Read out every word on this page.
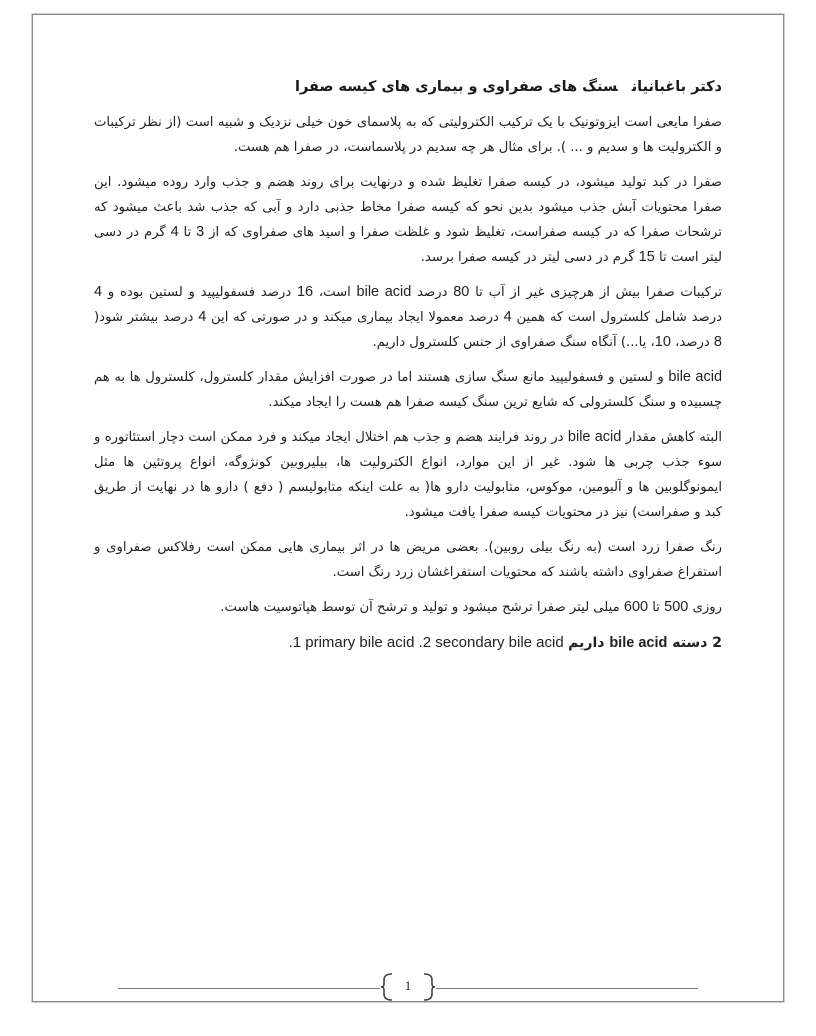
دکتر باغبانیانسنگ های صفراوی و بیماری های کیسه صفرا

صفرا مایعی است ایزوتونیک با یک ترکیب الکترولیتی که به پلاسمای خون خیلی نزدیک و شبیه است (از نظر ترکیبات و الکترولیت ها و سدیم و ... ). برای مثال هر چه سدیم در پلاسماست، در صفرا هم هست.

صفرا در کبد تولید میشود، در کیسه صفرا تغلیظ شده و درنهایت برای روند هضم و جذب وارد روده میشود. این صفرا محتویات آبش جذب میشود بدین نحو که کیسه صفرا مخاط جذبی دارد و آبی که جذب شد باعث میشود که ترشحات صفرا که در کیسه صفراست، تغلیظ شود و غلظت صفرا و اسید های صفراوی که از 3 تا 4 گرم در دسی لیتر است تا 15 گرم در دسی لیتر در کیسه صفرا برسد.

ترکیبات صفرا بیش از هرچیزی غیر از آب تا 80 درصد bile acid است، 16 درصد فسفولیپید و لستین بوده و 4 درصد شامل کلسترول است که همین 4 درصد معمولا ایجاد بیماری میکند و در صورتی که این 4 درصد بیشتر شود( 8 درصد، 10، یا...) آنگاه سنگ صفراوی از جنس کلسترول داریم.

bile acid و لستین و فسفولیپید مانع سنگ سازی هستند اما در صورت افزایش مقدار کلسترول، کلسترول ها به هم چسبیده و سنگ کلسترولی که شایع ترین سنگ کیسه صفرا هم هست را ایجاد میکند.

البته کاهش مقدار bile acid در روند فرایند هضم و جذب هم اختلال ایجاد میکند و فرد ممکن است دچار استئاتوره و سوء جذب چربی ها شود. غیر از این موارد، انواع الکترولیت ها، بیلیروبین کونژوگه، انواع پروتئین ها مثل ایمونوگلوبین ها و آلبومین، موکوس، متابولیت دارو ها( به علت اینکه متابولیسم ( دفع ) دارو ها در نهایت از طریق کبد و صفراست) نیز در محتویات کیسه صفرا یافت میشود.

رنگ صفرا زرد است (به رنگ بیلی روبین). بعضی مریض ها در اثر بیماری هایی ممکن است رفلاکس صفراوی و استفراغ صفراوی داشته باشند که محتویات استفراغشان زرد رنگ است.

روزی 500 تا 600 میلی لیتر صفرا ترشح میشود و تولید و ترشح آن توسط هپاتوسیت هاست.

2 دسته bile acid داریم .1 primary bile acid .2 secondary bile acid

1
